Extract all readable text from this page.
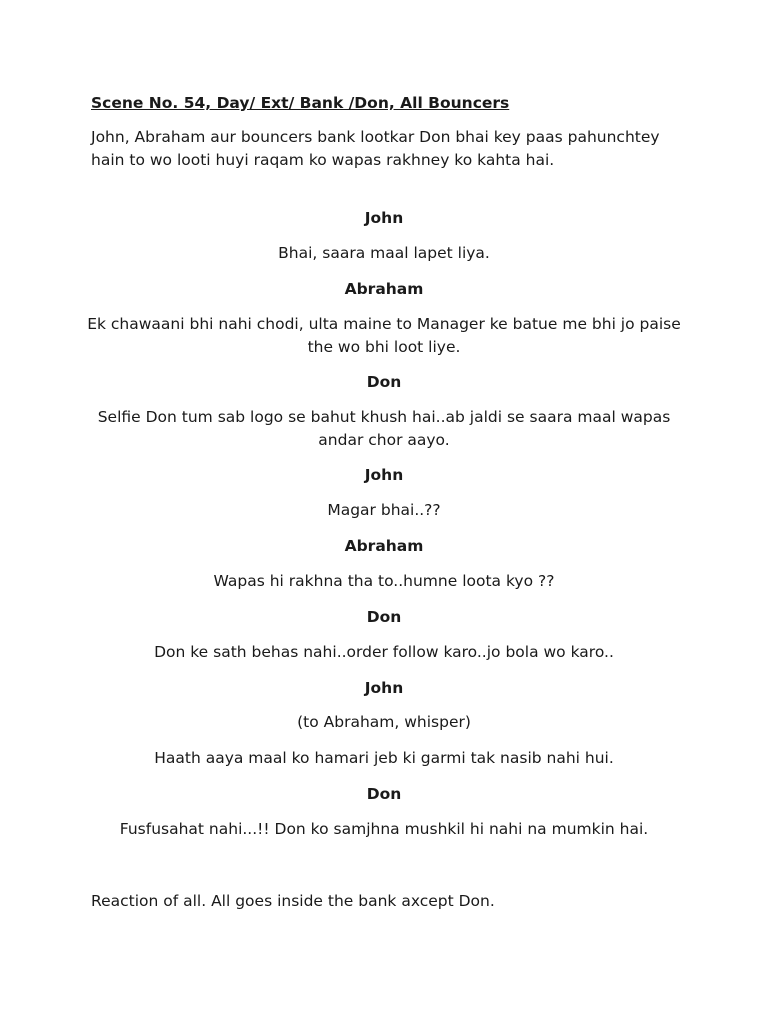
Scene No. 54, Day/ Ext/ Bank /Don, All Bouncers
John, Abraham aur bouncers bank lootkar Don bhai key paas pahunchtey hain to wo looti huyi raqam ko wapas rakhney ko kahta hai.
John
Bhai, saara maal lapet liya.
Abraham
Ek chawaani bhi nahi chodi, ulta maine to Manager ke batue me bhi jo paise the wo bhi loot liye.
Don
Selfie Don tum sab logo se bahut khush hai..ab jaldi se saara maal wapas andar chor aayo.
John
Magar bhai..??
Abraham
Wapas hi rakhna tha to..humne loota kyo ??
Don
Don ke sath behas nahi..order follow karo..jo bola wo karo..
John
(to Abraham, whisper)
Haath aaya maal ko hamari jeb ki garmi tak nasib nahi hui.
Don
Fusfusahat nahi...!! Don ko samjhna mushkil hi nahi na mumkin hai.
Reaction of all. All goes inside the bank axcept Don.
